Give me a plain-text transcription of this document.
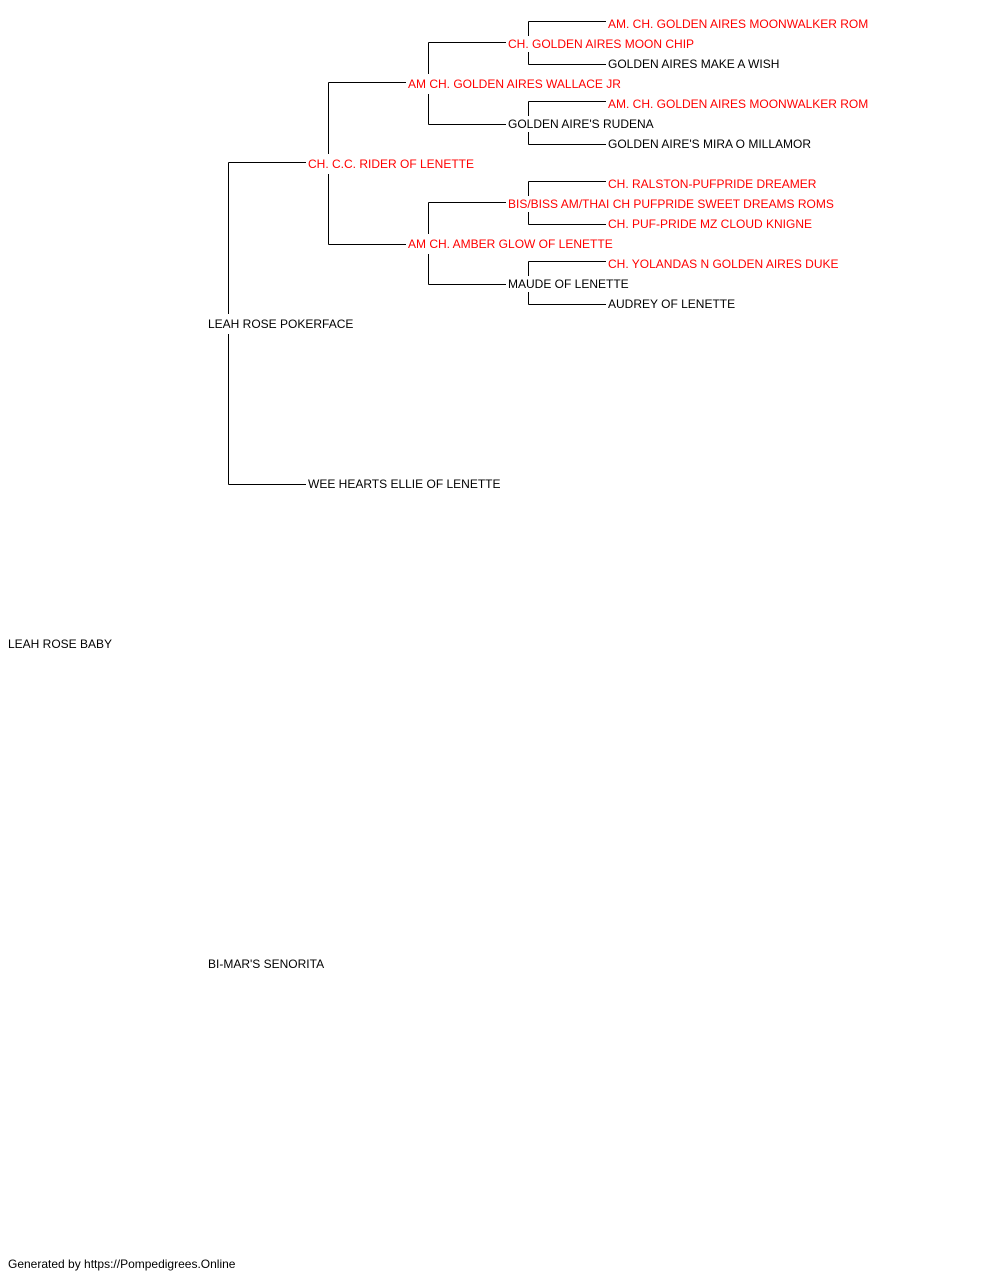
LEAH ROSE BABY
LEAH ROSE POKERFACE
BI-MAR'S SENORITA
CH. C.C. RIDER OF LENETTE
WEE HEARTS ELLIE OF LENETTE
AM CH. GOLDEN AIRES WALLACE JR
AM CH. AMBER GLOW OF LENETTE
CH. GOLDEN AIRES MOON CHIP
GOLDEN AIRE'S RUDENA
BIS/BISS AM/THAI CH PUFPRIDE SWEET DREAMS ROMS
MAUDE OF LENETTE
AM. CH. GOLDEN AIRES MOONWALKER ROM
GOLDEN AIRES MAKE A WISH
AM. CH. GOLDEN AIRES MOONWALKER ROM
GOLDEN AIRE'S MIRA O MILLAMOR
CH. RALSTON-PUFPRIDE DREAMER
CH. PUF-PRIDE MZ CLOUD KNIGNE
CH. YOLANDAS N GOLDEN AIRES DUKE
AUDREY OF LENETTE
Generated by https://Pompedigrees.Online
